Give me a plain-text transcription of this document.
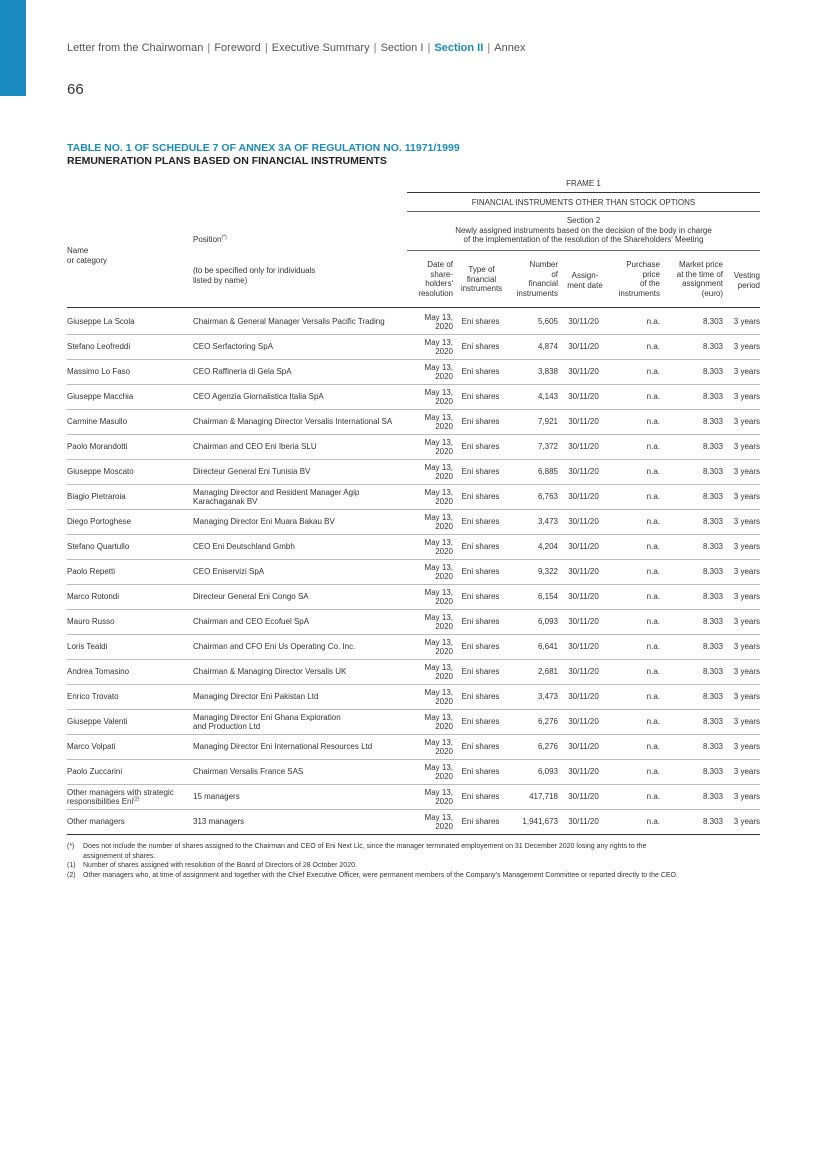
Letter from the Chairwoman | Foreword | Executive Summary | Section I | Section II | Annex
66
TABLE NO. 1 OF SCHEDULE 7 OF ANNEX 3A OF REGULATION NO. 11971/1999
REMUNERATION PLANS BASED ON FINANCIAL INSTRUMENTS
FRAME 1
FINANCIAL INSTRUMENTS OTHER THAN STOCK OPTIONS
Section 2
Newly assigned instruments based on the decision of the body in charge
of the implementation of the resolution of the Shareholders' Meeting
Name
or category
Position(*)
(to be specified only for individuals
listed by name)
Date of
share-
holders'
resolution
Type of
financial
instruments
Number
of
financial
instruments
Assign-
ment date
Purchase
price
of the
instruments
Market price
at the time of
assignment
(euro)
Vesting
period
Giuseppe La Scola	Chairman & General Manager Versalis Pacific Trading	May 13,
2020	Eni shares	5,605	30/11/20	n.a.	8.303	3 years
Stefano Leofreddi	CEO Serfactoring SpA	May 13,
2020	Eni shares	4,874	30/11/20	n.a.	8.303	3 years
Massimo Lo Faso	CEO Raffineria di Gela SpA	May 13,
2020	Eni shares	3,838	30/11/20	n.a.	8.303	3 years
Giuseppe Macchia	CEO Agenzia Giornalistica Italia SpA	May 13,
2020	Eni shares	4,143	30/11/20	n.a.	8.303	3 years
Carmine Masullo	Chairman & Managing Director Versalis International SA	May 13,
2020	Eni shares	7,921	30/11/20	n.a.	8.303	3 years
Paolo Morandotti	Chairman and CEO Eni Iberia SLU	May 13,
2020	Eni shares	7,372	30/11/20	n.a.	8.303	3 years
Giuseppe Moscato	Directeur General Eni Tunisia BV	May 13,
2020	Eni shares	6,885	30/11/20	n.a.	8.303	3 years
Biagio Pietraroia	Managing Director and Resident Manager Agip
Karachaganak BV	May 13,
2020	Eni shares	6,763	30/11/20	n.a.	8.303	3 years
Diego Portoghese	Managing Director Eni Muara Bakau BV	May 13,
2020	Eni shares	3,473	30/11/20	n.a.	8.303	3 years
Stefano Quartullo	CEO Eni Deutschland Gmbh	May 13,
2020	Eni shares	4,204	30/11/20	n.a.	8.303	3 years
Paolo Repetti	CEO Eniservizi SpA	May 13,
2020	Eni shares	9,322	30/11/20	n.a.	8.303	3 years
Marco Rotondi	Directeur General Eni Congo SA	May 13,
2020	Eni shares	6,154	30/11/20	n.a.	8.303	3 years
Mauro Russo	Chairman and CEO Ecofuel SpA	May 13,
2020	Eni shares	6,093	30/11/20	n.a.	8.303	3 years
Loris Tealdi	Chairman and CFO Eni Us Operating Co. Inc.	May 13,
2020	Eni shares	6,641	30/11/20	n.a.	8.303	3 years
Andrea Tomasino	Chairman & Managing Director Versalis UK	May 13,
2020	Eni shares	2,681	30/11/20	n.a.	8.303	3 years
Enrico Trovato	Managing Director Eni Pakistan Ltd	May 13,
2020	Eni shares	3,473	30/11/20	n.a.	8.303	3 years
Giuseppe Valenti	Managing Director Eni Ghana Exploration
and Production Ltd	May 13,
2020	Eni shares	6,276	30/11/20	n.a.	8.303	3 years
Marco Volpati	Managing Director Eni International Resources Ltd	May 13,
2020	Eni shares	6,276	30/11/20	n.a.	8.303	3 years
Paolo Zuccarini	Chairman Versalis France SAS	May 13,
2020	Eni shares	6,093	30/11/20	n.a.	8.303	3 years
Other managers with strategic
responsibilities Eni$^{(2)}$	15 managers	May 13,
2020	Eni shares	417,718	30/11/20	n.a.	8.303	3 years
Other managers	313 managers	May 13,
2020	Eni shares	1,941,673	30/11/20	n.a.	8.303	3 years
(*)	Does not include the number of shares assigned to the Chairman and CEO of Eni Next Llc, since the manager terminated employement on 31 December 2020 losing any rights to the
assignement of shares.
(1)	Number of shares assigned with resolution of the Board of Directors of 28 October 2020.
(2)	Other managers who, at time of assignment and together with the Chief Executive Officer, were permanent members of the Company's Management Committee or reported directly to the CEO.
